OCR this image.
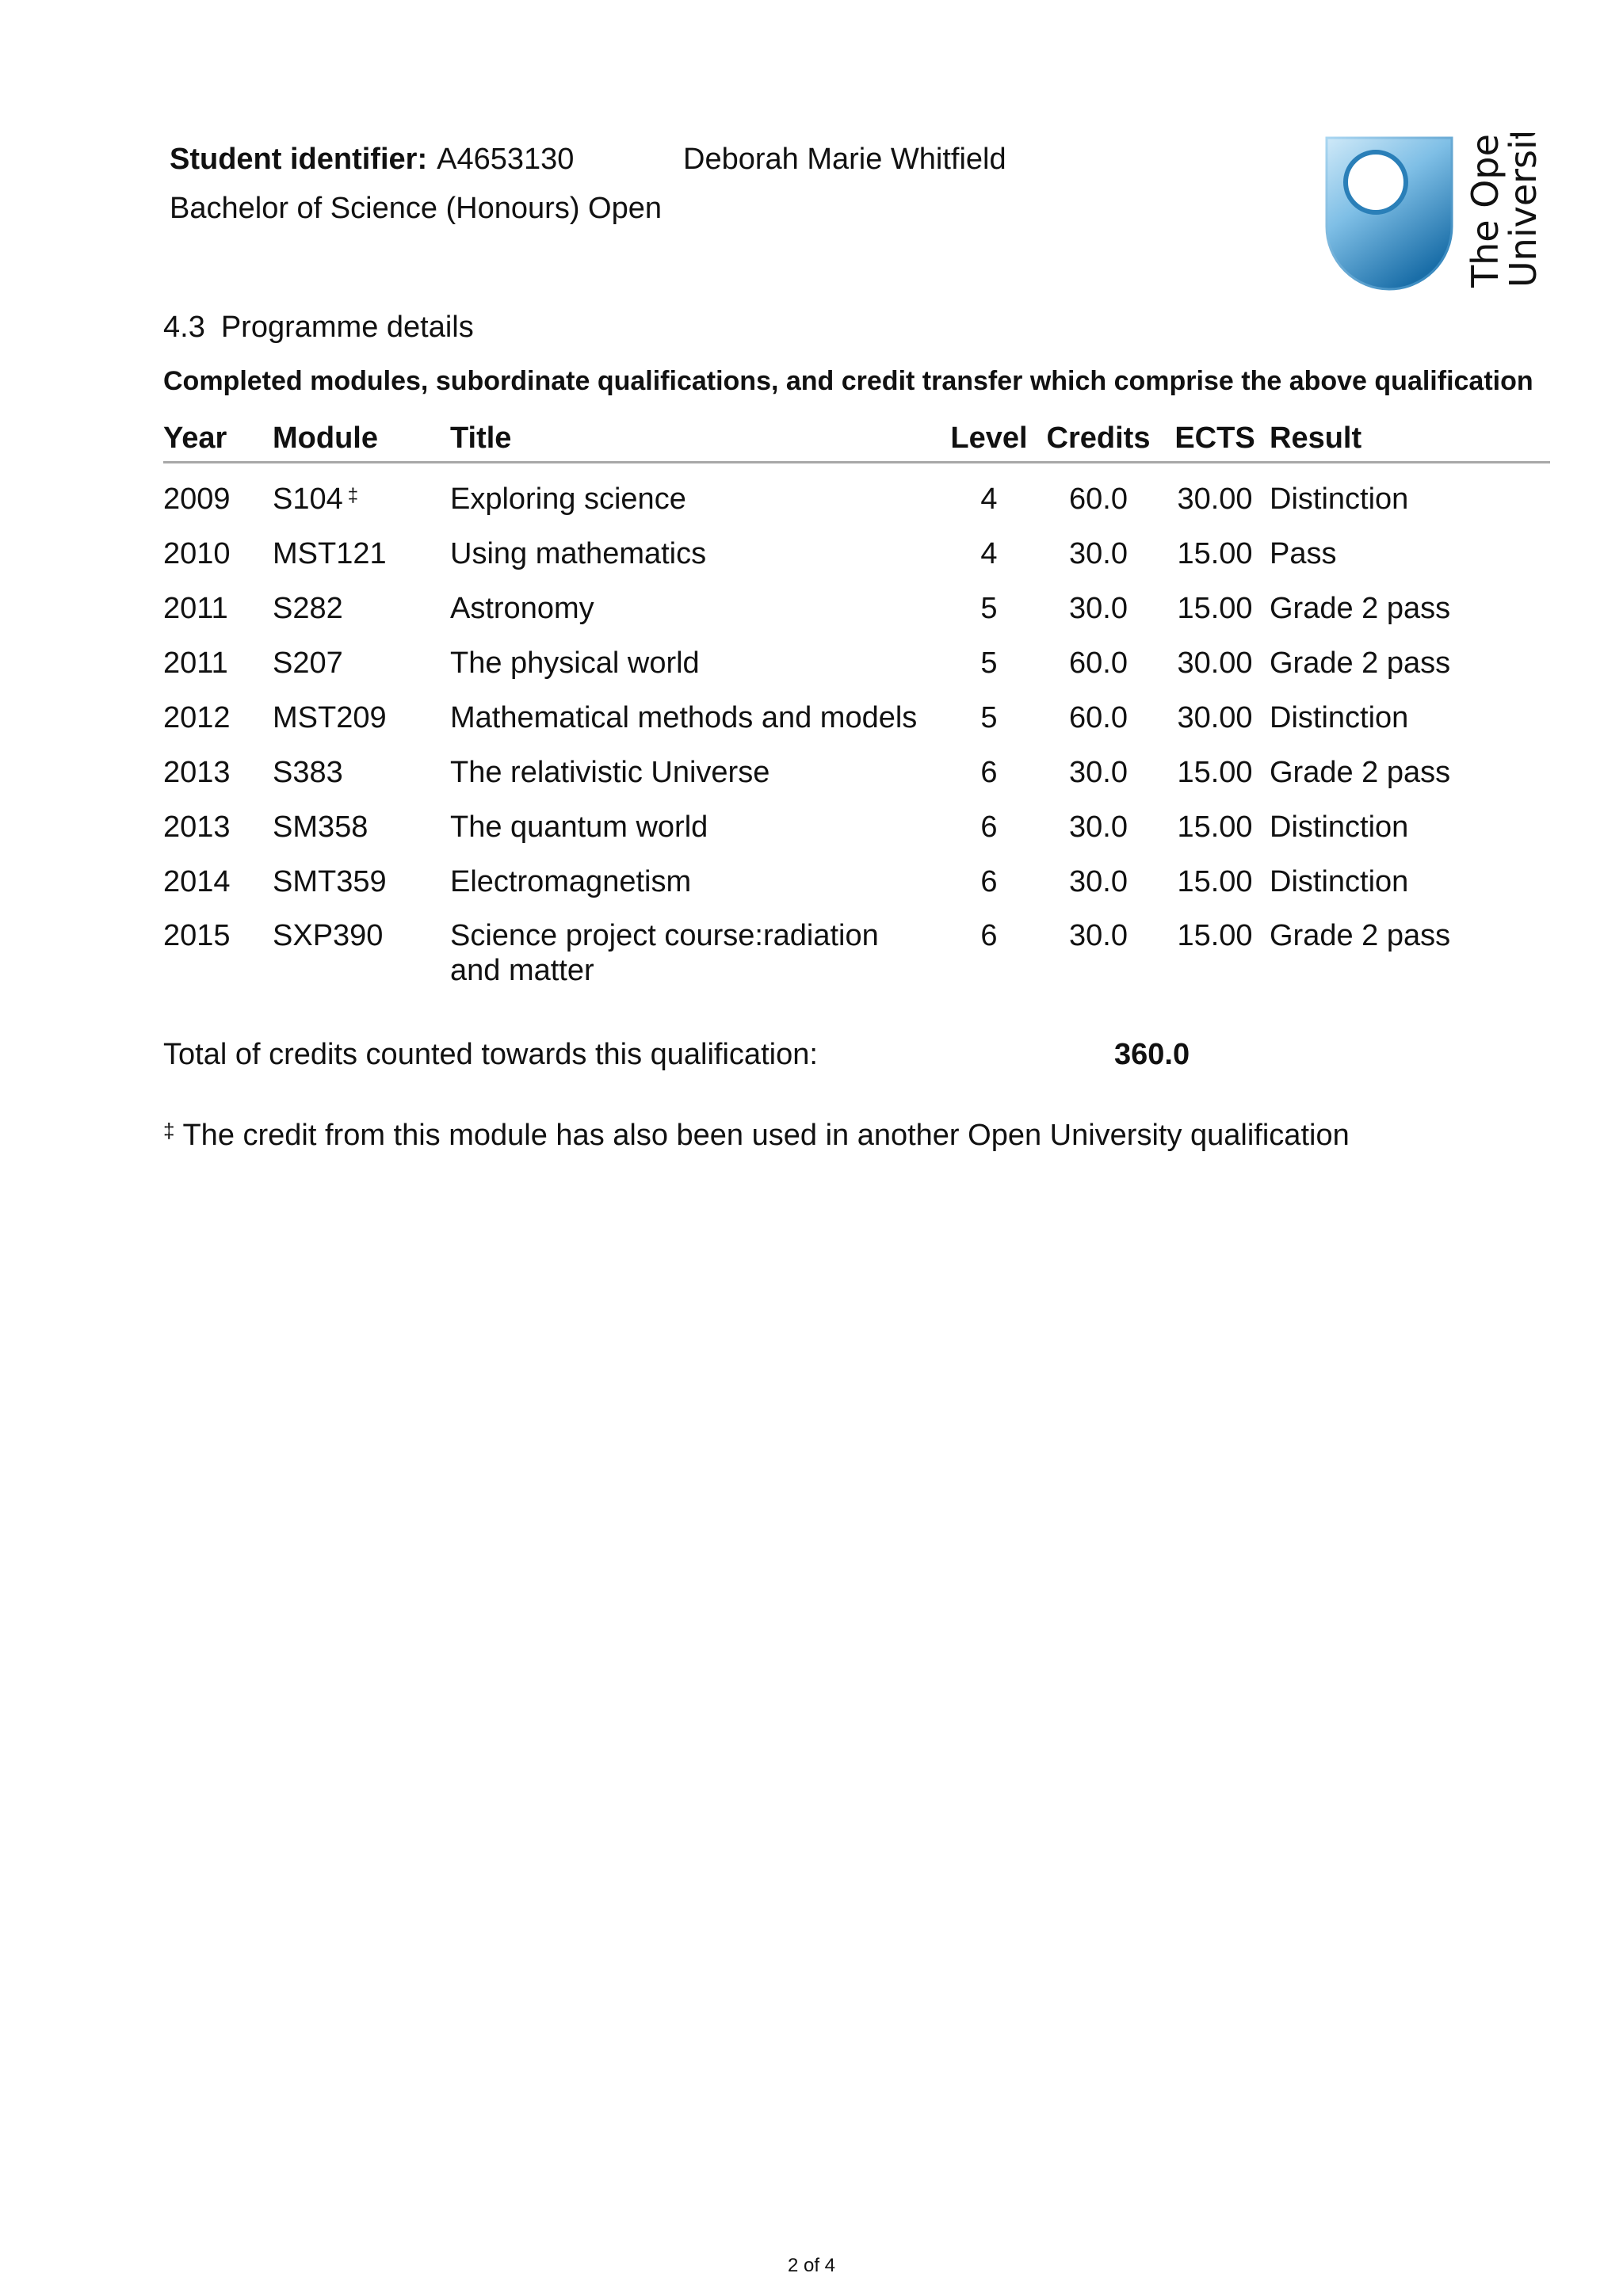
Student identifier: A4653130	Deborah Marie Whitfield
Bachelor of Science (Honours) Open	The Open
University
4.3 Programme details
Completed modules, subordinate qualifications, and credit transfer which comprise the above qualification
Year	Module	Title	Level	Credits	ECTS	Result
2009	S104 ‡	Exploring science	4	60.0	30.00	Distinction
2010	MST121	Using mathematics	4	30.0	15.00	Pass
2011	S282	Astronomy	5	30.0	15.00	Grade 2 pass
2011	S207	The physical world	5	60.0	30.00	Grade 2 pass
2012	MST209	Mathematical methods and models	5	60.0	30.00	Distinction
2013	S383	The relativistic Universe	6	30.0	15.00	Grade 2 pass
2013	SM358	The quantum world	6	30.0	15.00	Distinction
2014	SMT359	Electromagnetism	6	30.0	15.00	Distinction
2015	SXP390	Science project course:radiation and matter	6	30.0	15.00	Grade 2 pass
Total of credits counted towards this qualification:	360.0
‡ The credit from this module has also been used in another Open University qualification
2 of 4
